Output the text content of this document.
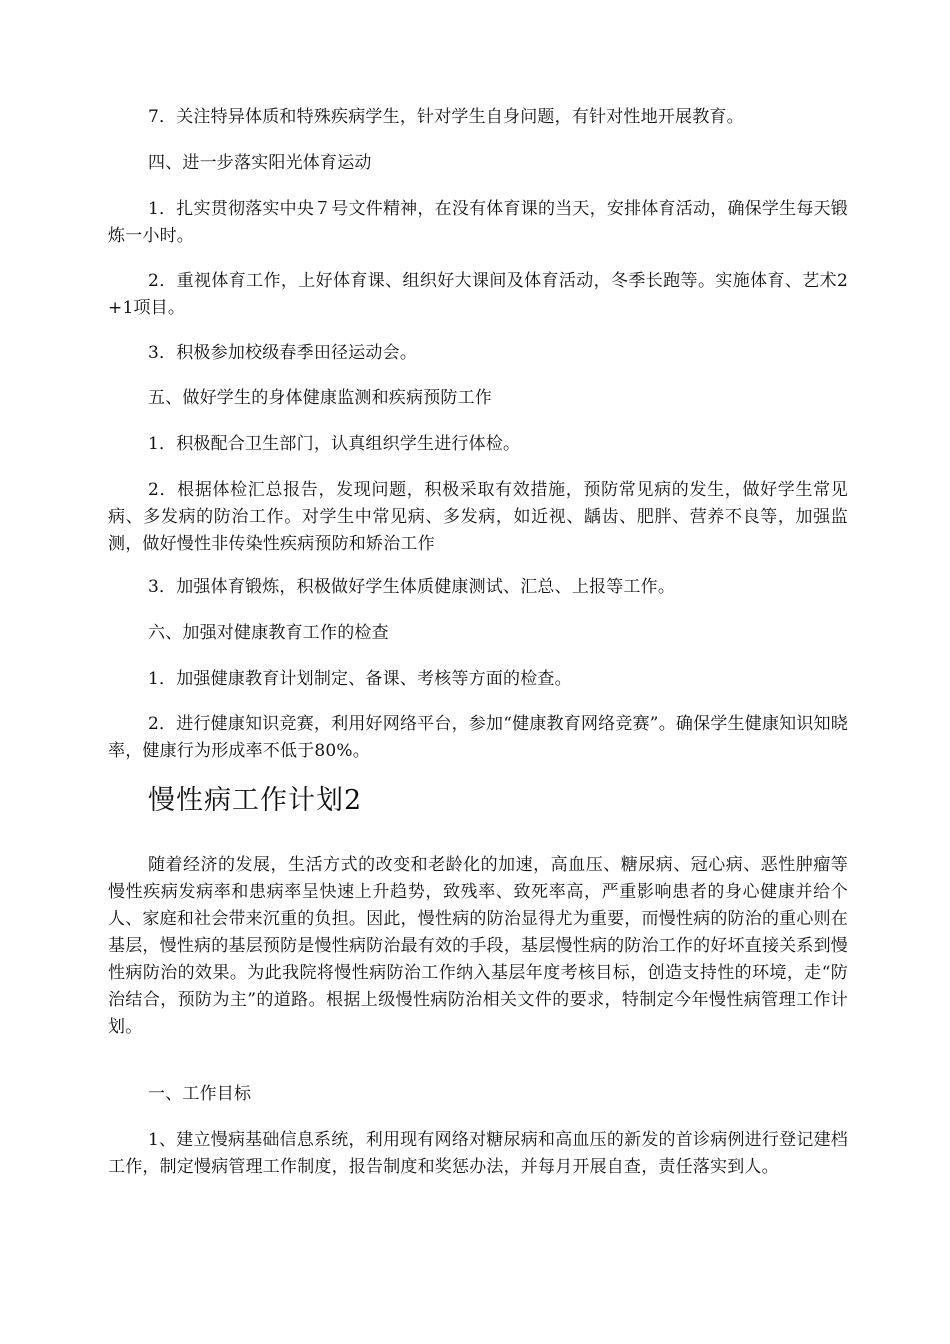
7．关注特异体质和特殊疾病学生，针对学生自身问题，有针对性地开展教育。

四、进一步落实阳光体育运动

1．扎实贯彻落实中央７号文件精神，在没有体育课的当天，安排体育活动，确保学生每天锻炼一小时。

2．重视体育工作，上好体育课、组织好大课间及体育活动，冬季长跑等。实施体育、艺术2+1项目。

3．积极参加校级春季田径运动会。

五、做好学生的身体健康监测和疾病预防工作

1．积极配合卫生部门，认真组织学生进行体检。

2．根据体检汇总报告，发现问题，积极采取有效措施，预防常见病的发生，做好学生常见病、多发病的防治工作。对学生中常见病、多发病，如近视、龋齿、肥胖、营养不良等，加强监测，做好慢性非传染性疾病预防和矫治工作

3．加强体育锻炼，积极做好学生体质健康测试、汇总、上报等工作。

六、加强对健康教育工作的检查

1．加强健康教育计划制定、备课、考核等方面的检查。

2．进行健康知识竞赛，利用好网络平台，参加“健康教育网络竞赛”。确保学生健康知识知晓率，健康行为形成率不低于80%。

慢性病工作计划2

随着经济的发展，生活方式的改变和老龄化的加速，高血压、糖尿病、冠心病、恶性肿瘤等慢性疾病发病率和患病率呈快速上升趋势，致残率、致死率高，严重影响患者的身心健康并给个人、家庭和社会带来沉重的负担。因此，慢性病的防治显得尤为重要，而慢性病的防治的重心则在基层，慢性病的基层预防是慢性病防治最有效的手段，基层慢性病的防治工作的好坏直接关系到慢性病防治的效果。为此我院将慢性病防治工作纳入基层年度考核目标，创造支持性的环境，走“防治结合，预防为主”的道路。根据上级慢性病防治相关文件的要求，特制定今年慢性病管理工作计划。

一、工作目标

1、建立慢病基础信息系统，利用现有网络对糖尿病和高血压的新发的首诊病例进行登记建档工作，制定慢病管理工作制度，报告制度和奖惩办法，并每月开展自查，责任落实到人。
